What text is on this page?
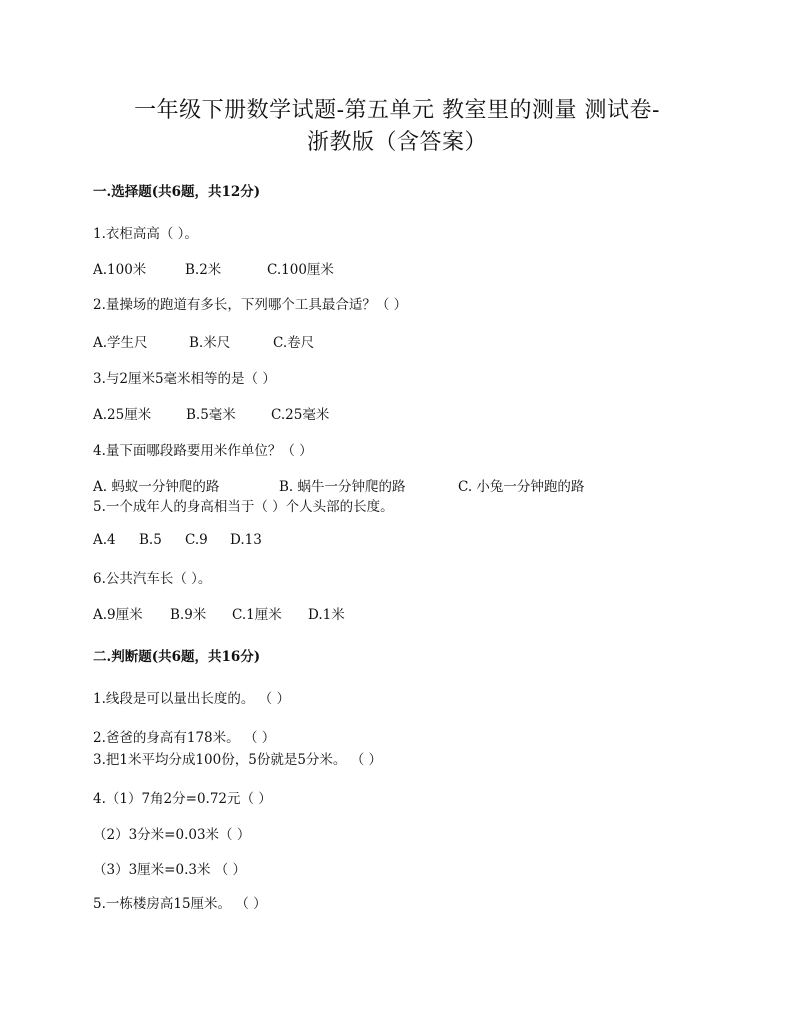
一年级下册数学试题-第五单元 教室里的测量 测试卷-
浙教版（含答案）
一.选择题(共6题，共12分)
1.衣柜高高（ ）。
A.100米	B.2米	C.100厘米
2.量操场的跑道有多长，下列哪个工具最合适？（ ）
A.学生尺	B.米尺	C.卷尺
3.与2厘米5毫米相等的是（ ）
A.25厘米	B.5毫米	C.25毫米
4.量下面哪段路要用米作单位？（ ）
A. 蚂蚁一分钟爬的路	B. 蜗牛一分钟爬的路	C. 小兔一分钟跑的路
5.一个成年人的身高相当于（ ）个人头部的长度。
A.4 B.5 C.9 D.13
6.公共汽车长（ ）。
A.9厘米 B.9米 C.1厘米 D.1米
二.判断题(共6题，共16分)
1.线段是可以量出长度的。 （ ）
2.爸爸的身高有178米。 （ ）
3.把1米平均分成100份，5份就是5分米。 （ ）
4.（1）7角2分=0.72元（ ）
（2）3分米=0.03米（ ）
（3）3厘米=0.3米 （ ）
5.一栋楼房高15厘米。 （ ）
